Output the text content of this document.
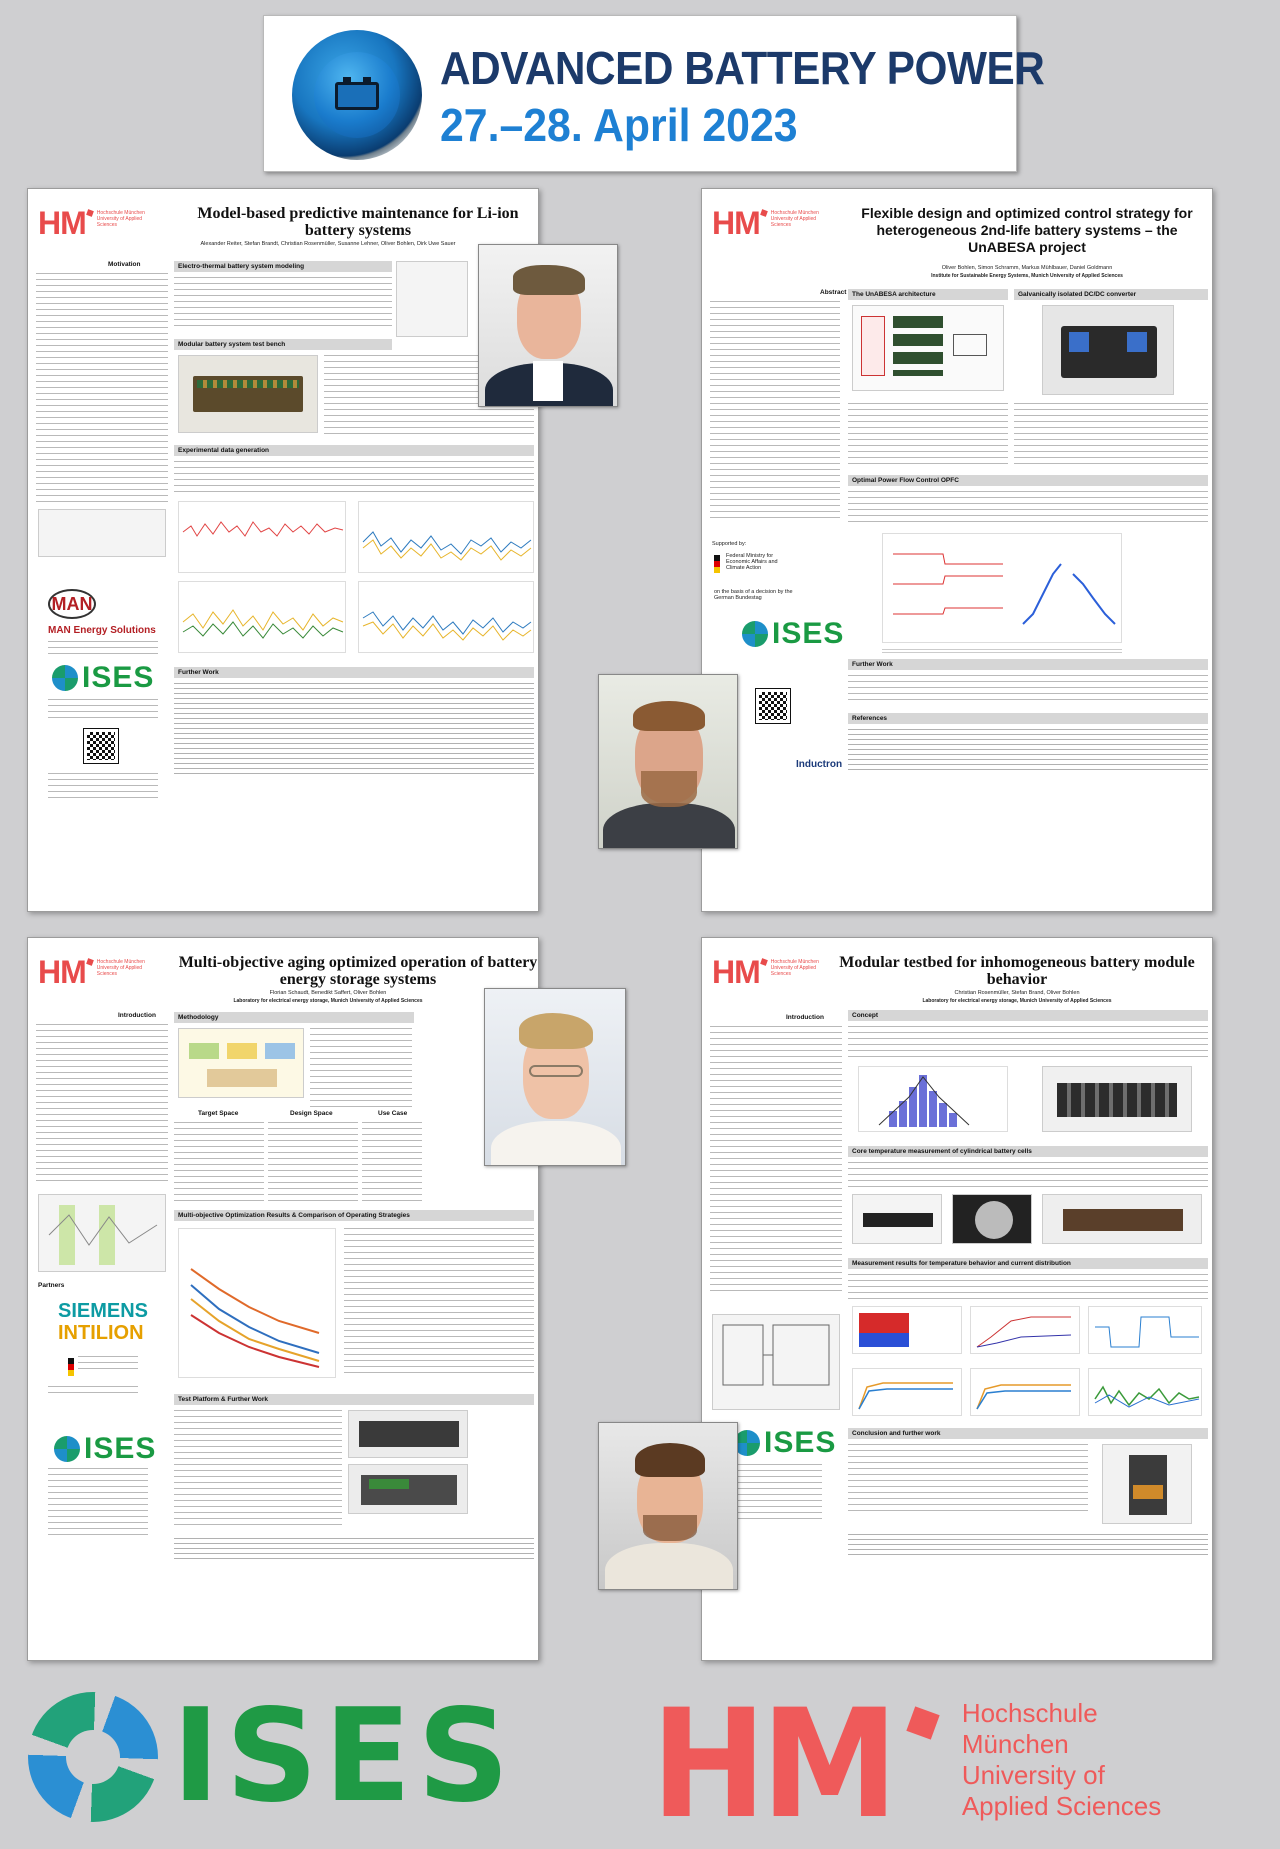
ADVANCED BATTERY POWER
27.–28. April 2023
HM Hochschule München University of Applied Sciences
Model-based predictive maintenance for Li-ion battery systems
Alexander Reiter, Stefan Brandt, Christian Rosenmüller, Susanne Lehner, Oliver Bohlen, Dirk Uwe Sauer
Motivation	Electro-thermal battery system modeling
Modular battery system test bench
Experimental data generation
Further Work
MAN
MAN Energy Solutions
ISES
HM Hochschule München University of Applied Sciences
Flexible design and optimized control strategy for heterogeneous 2nd-life battery systems – the UnABESA project
Oliver Bohlen, Simon Schramm, Markus Mühlbauer, Daniel Goldmann
Institute for Sustainable Energy Systems, Munich University of Applied Sciences
Abstract The UnABESA architecture	Galvanically isolated DC/DC converter
Optimal Power Flow Control OPFC
Further Work
References
Supported by:
Federal Ministry for Economic Affairs and Climate Action
on the basis of a decision by the German Bundestag
ISES
Inductron
HM Hochschule München University of Applied Sciences
Multi-objective aging optimized operation of battery energy storage systems
Florian Schaudt, Benedikt Saffert, Oliver Bohlen
Laboratory for electrical energy storage, Munich University of Applied Sciences
Introduction	Methodology
Target Space	Design Space	Use Case
Multi-objective Optimization Results & Comparison of Operating Strategies
Test Platform & Further Work
Partners
SIEMENS
INTILION
ISES
HM Hochschule München University of Applied Sciences
Modular testbed for inhomogeneous battery module behavior
Christian Rosenmüller, Stefan Brand, Oliver Bohlen
Laboratory for electrical energy storage, Munich University of Applied Sciences
Introduction	Concept
Core temperature measurement of cylindrical battery cells
Measurement results for temperature behavior and current distribution
Conclusion and further work
ISES
ISES HM	Hochschule
München
University of
Applied Sciences
